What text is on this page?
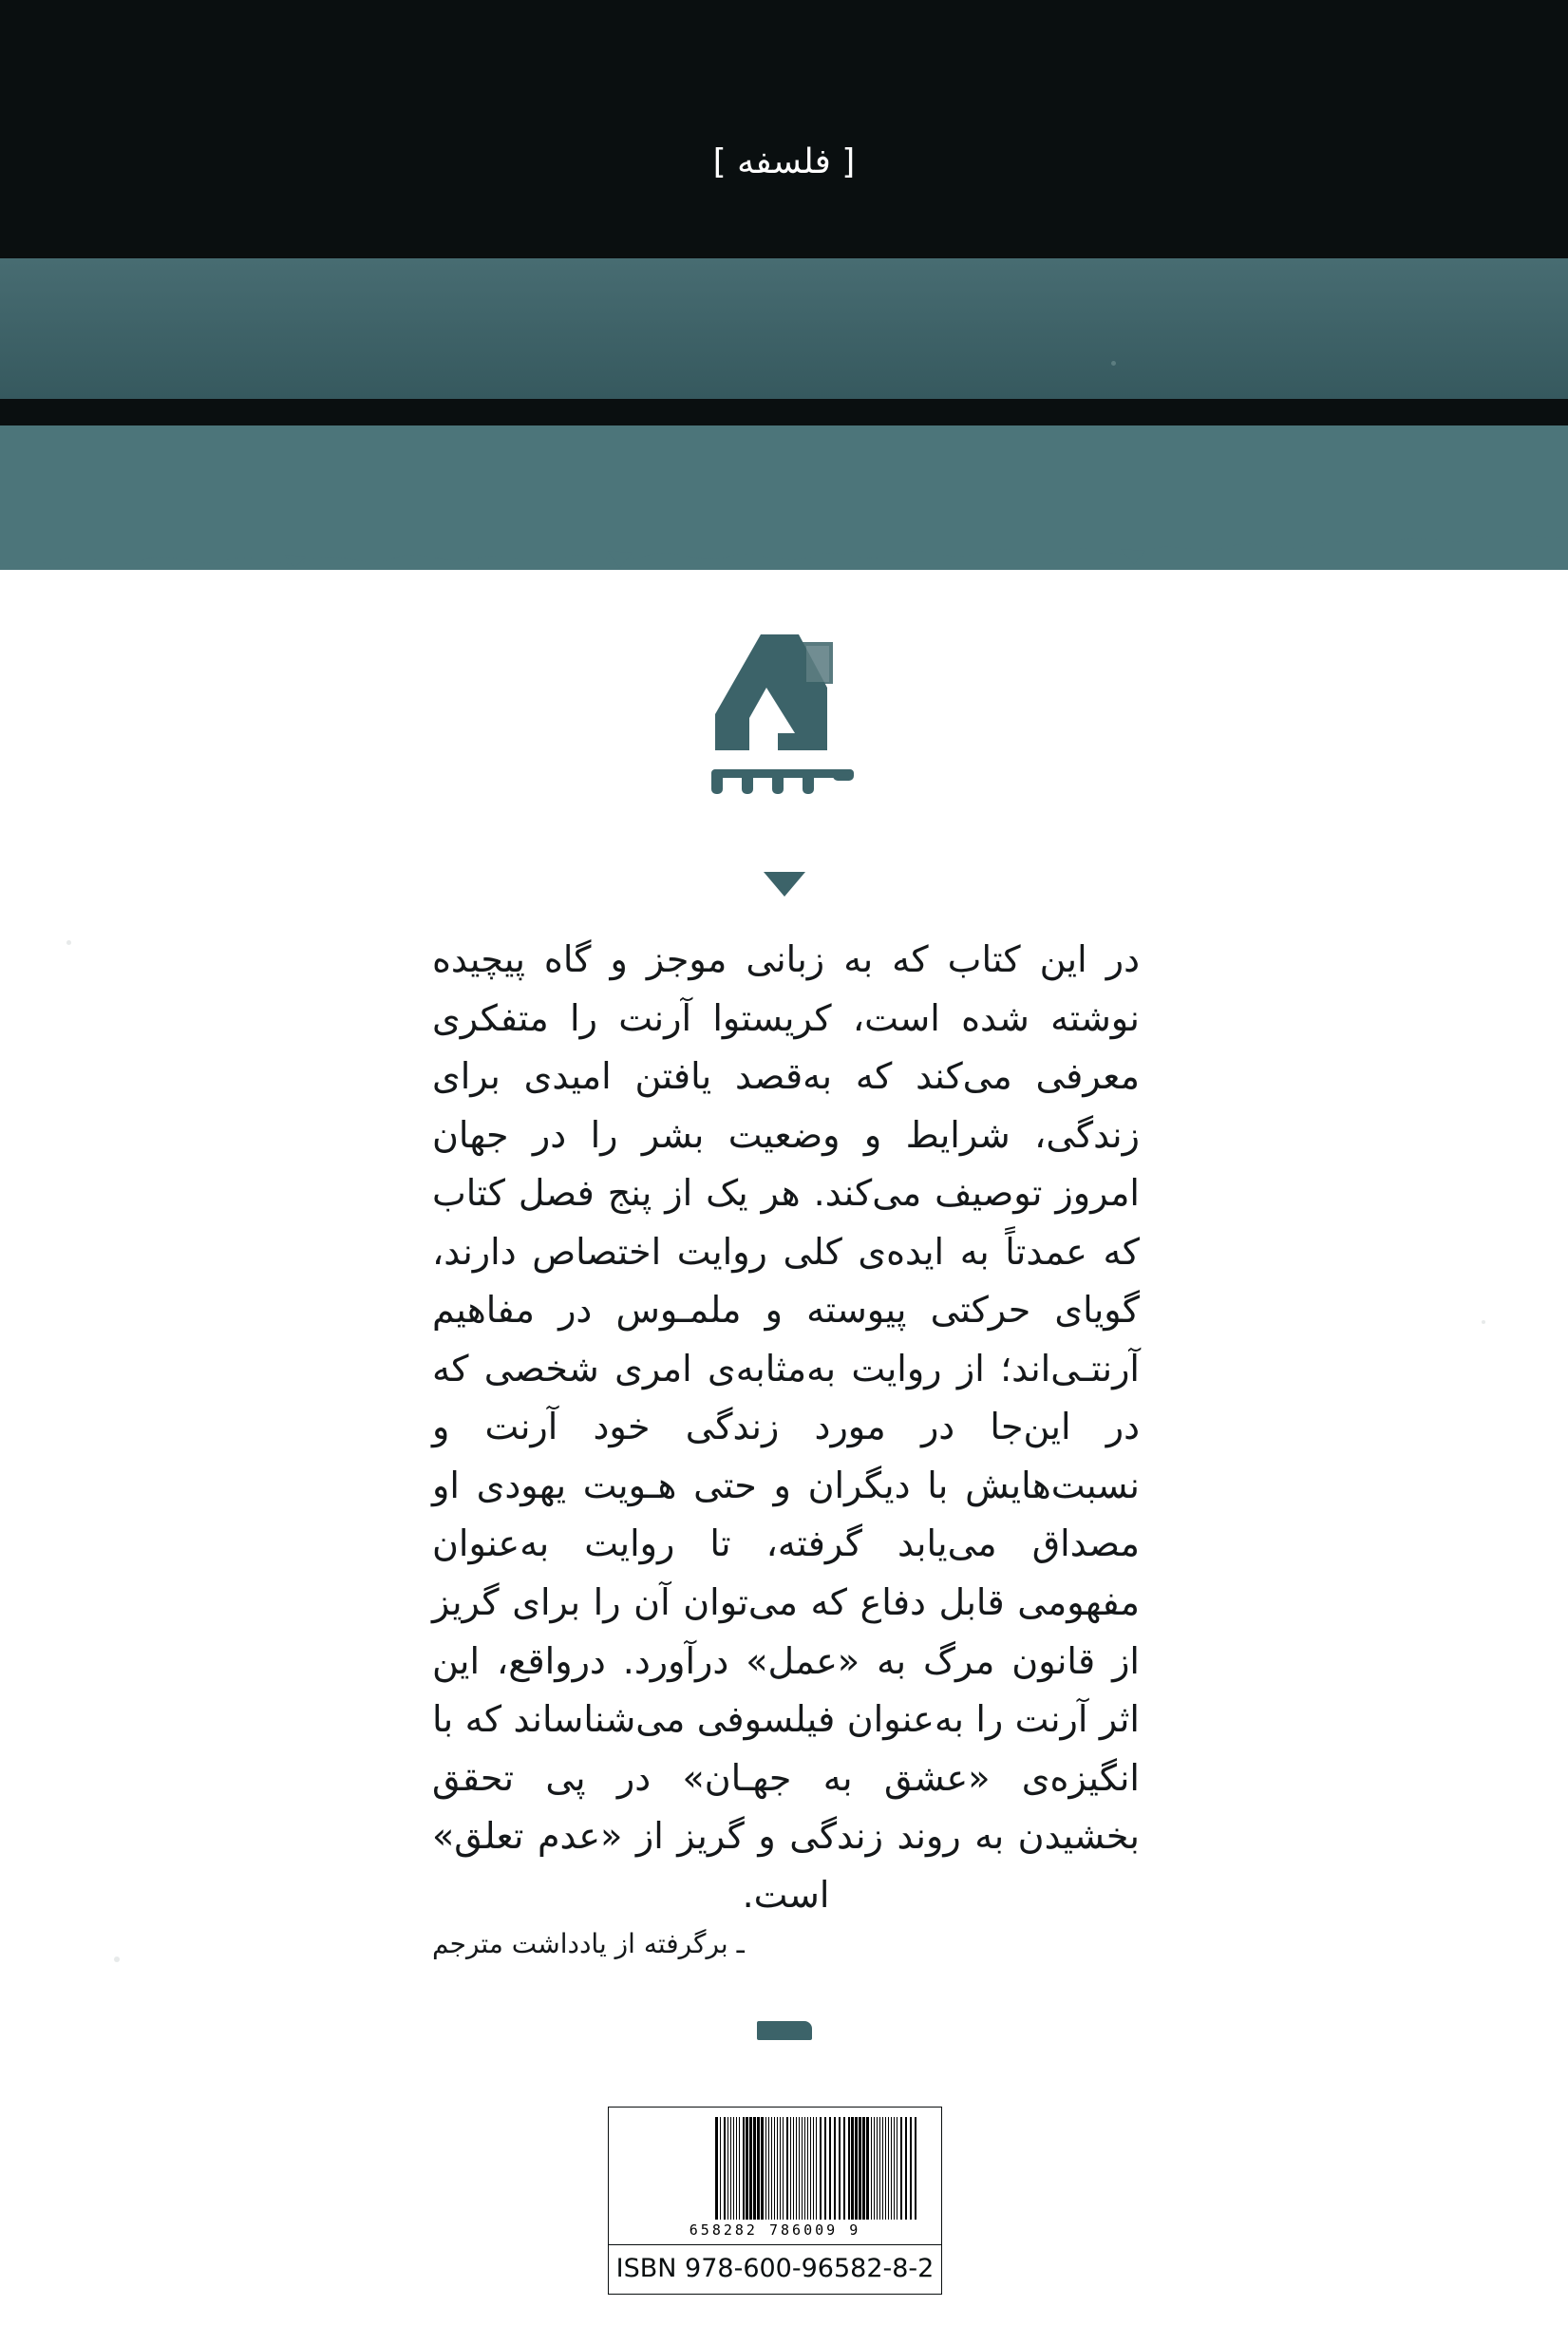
[ فلسفه ]

در این کتاب که به زبانی موجز و گاه پیچیده نوشته شده است، کریستوا آرنت را متفکری معرفی می‌کند که به‌قصد یافتن امیدی برای زندگی، شرایط و وضعیت بشر را در جهان امروز توصیف می‌کند. هر یک از پنج فصل کتاب که عمدتاً به ایده‌ی کلی روایت اختصاص دارند، گویای حرکتی پیوسته و ملمـوس در مفاهیم آرنتـی‌اند؛ از روایت به‌مثابه‌ی امری شخصی که در این‌جا در مورد زندگی خود آرنت و نسبت‌هایش با دیگران و حتی هـویت یهودی او مصداق می‌یابد گرفته، تا روایت به‌عنوان مفهومی قابل دفاع که می‌توان آن را برای گریز از قانون مرگ به «عمل» درآورد. درواقع، این اثر آرنت را به‌عنوان فیلسوفی می‌شناساند که با انگیزه‌ی «عشق به جهـان» در پی تحقق بخشیدن به روند زندگی و گریز از «عدم تعلق» است.

ـ برگرفته از یادداشت مترجم
9 786009 658282
ISBN 978-600-96582-8-2
